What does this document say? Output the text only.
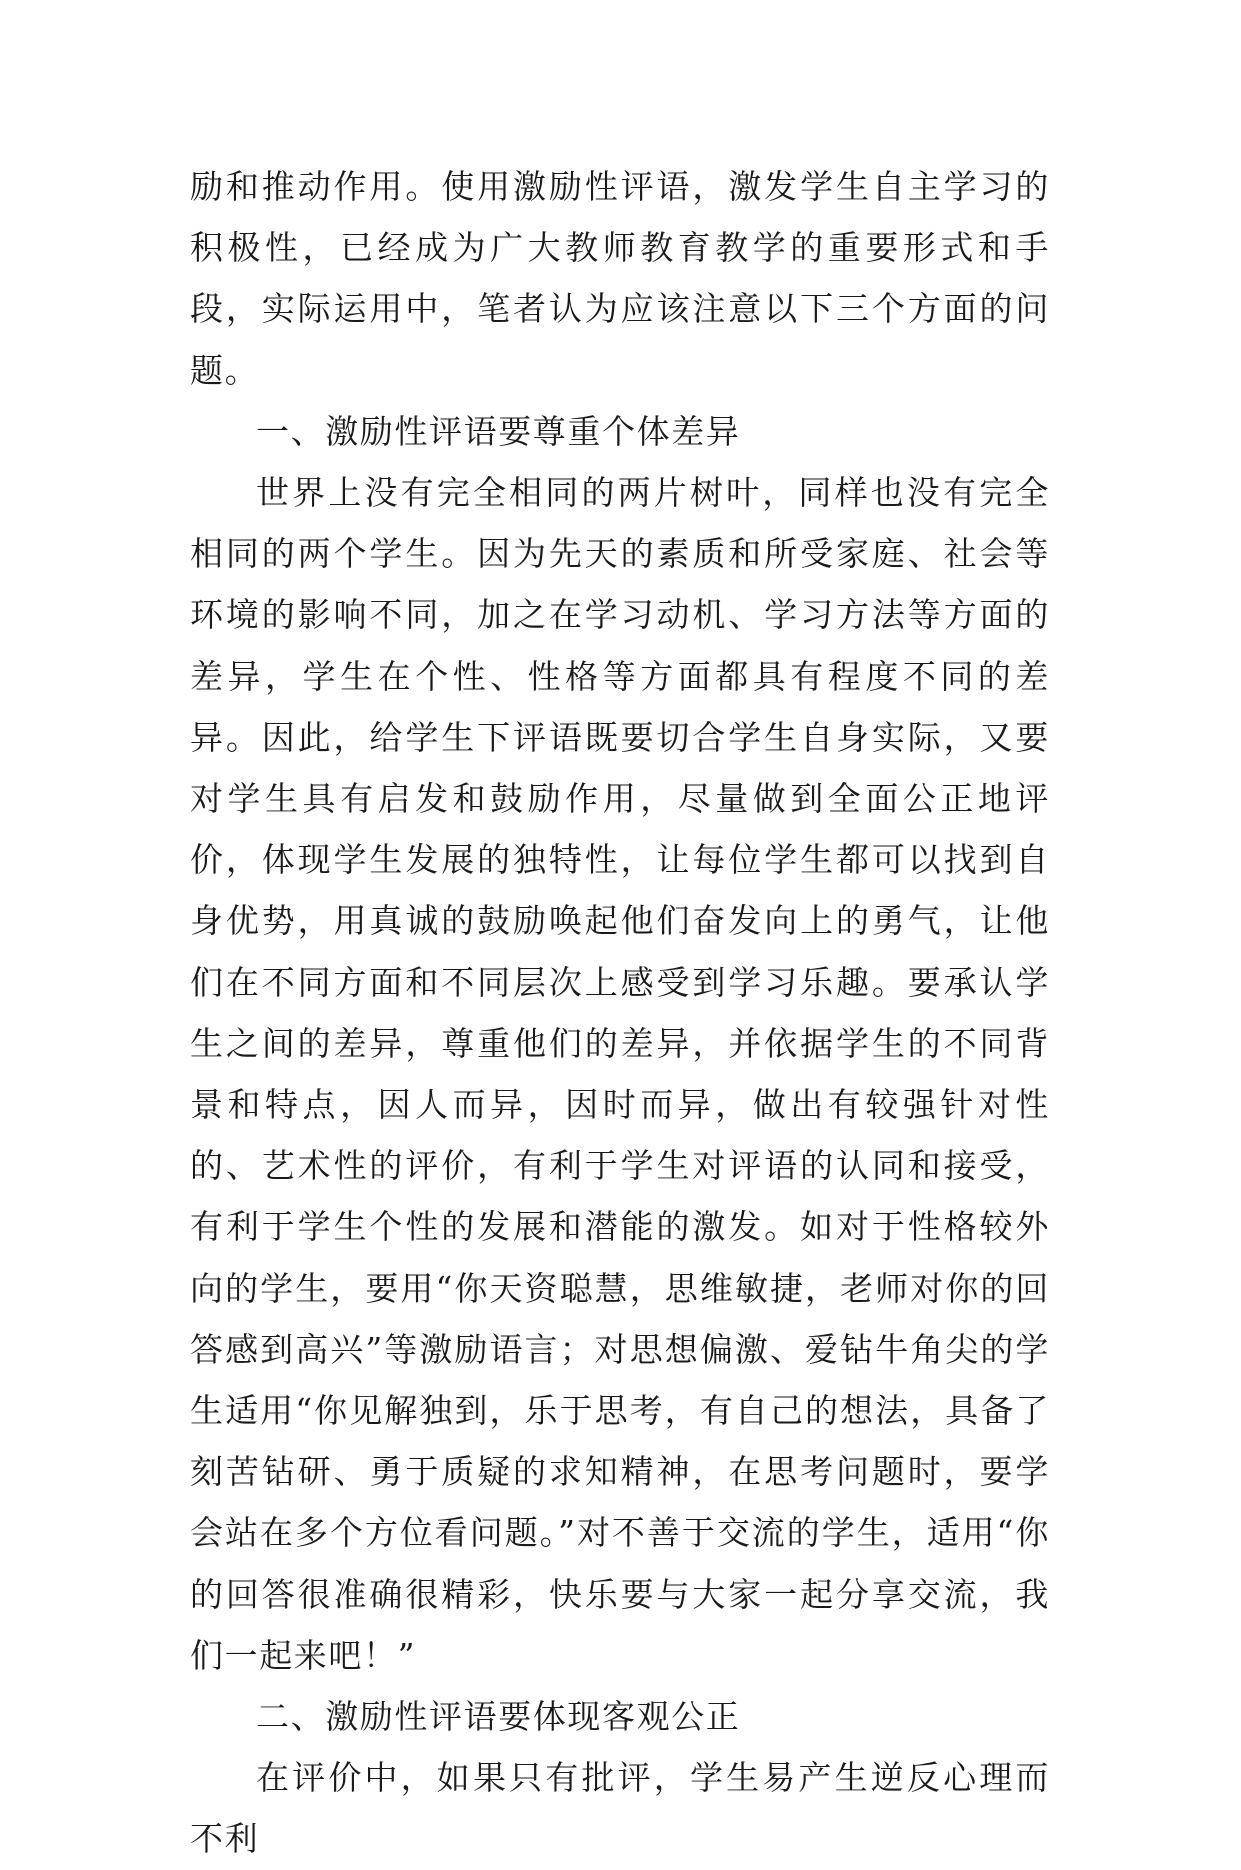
励和推动作用。使用激励性评语，激发学生自主学习的积极性，已经成为广大教师教育教学的重要形式和手段，实际运用中，笔者认为应该注意以下三个方面的问题。

一、激励性评语要尊重个体差异

世界上没有完全相同的两片树叶，同样也没有完全相同的两个学生。因为先天的素质和所受家庭、社会等环境的影响不同，加之在学习动机、学习方法等方面的差异，学生在个性、性格等方面都具有程度不同的差异。因此，给学生下评语既要切合学生自身实际，又要对学生具有启发和鼓励作用，尽量做到全面公正地评价，体现学生发展的独特性，让每位学生都可以找到自身优势，用真诚的鼓励唤起他们奋发向上的勇气，让他们在不同方面和不同层次上感受到学习乐趣。要承认学生之间的差异，尊重他们的差异，并依据学生的不同背景和特点，因人而异，因时而异，做出有较强针对性的、艺术性的评价，有利于学生对评语的认同和接受，有利于学生个性的发展和潜能的激发。如对于性格较外向的学生，要用“你天资聪慧，思维敏捷，老师对你的回答感到高兴”等激励语言；对思想偏激、爱钻牛角尖的学生适用“你见解独到，乐于思考，有自己的想法，具备了刻苦钻研、勇于质疑的求知精神，在思考问题时，要学会站在多个方位看问题。”对不善于交流的学生，适用“你的回答很准确很精彩，快乐要与大家一起分享交流，我们一起来吧！”

二、激励性评语要体现客观公正

在评价中，如果只有批评，学生易产生逆反心理而不利
